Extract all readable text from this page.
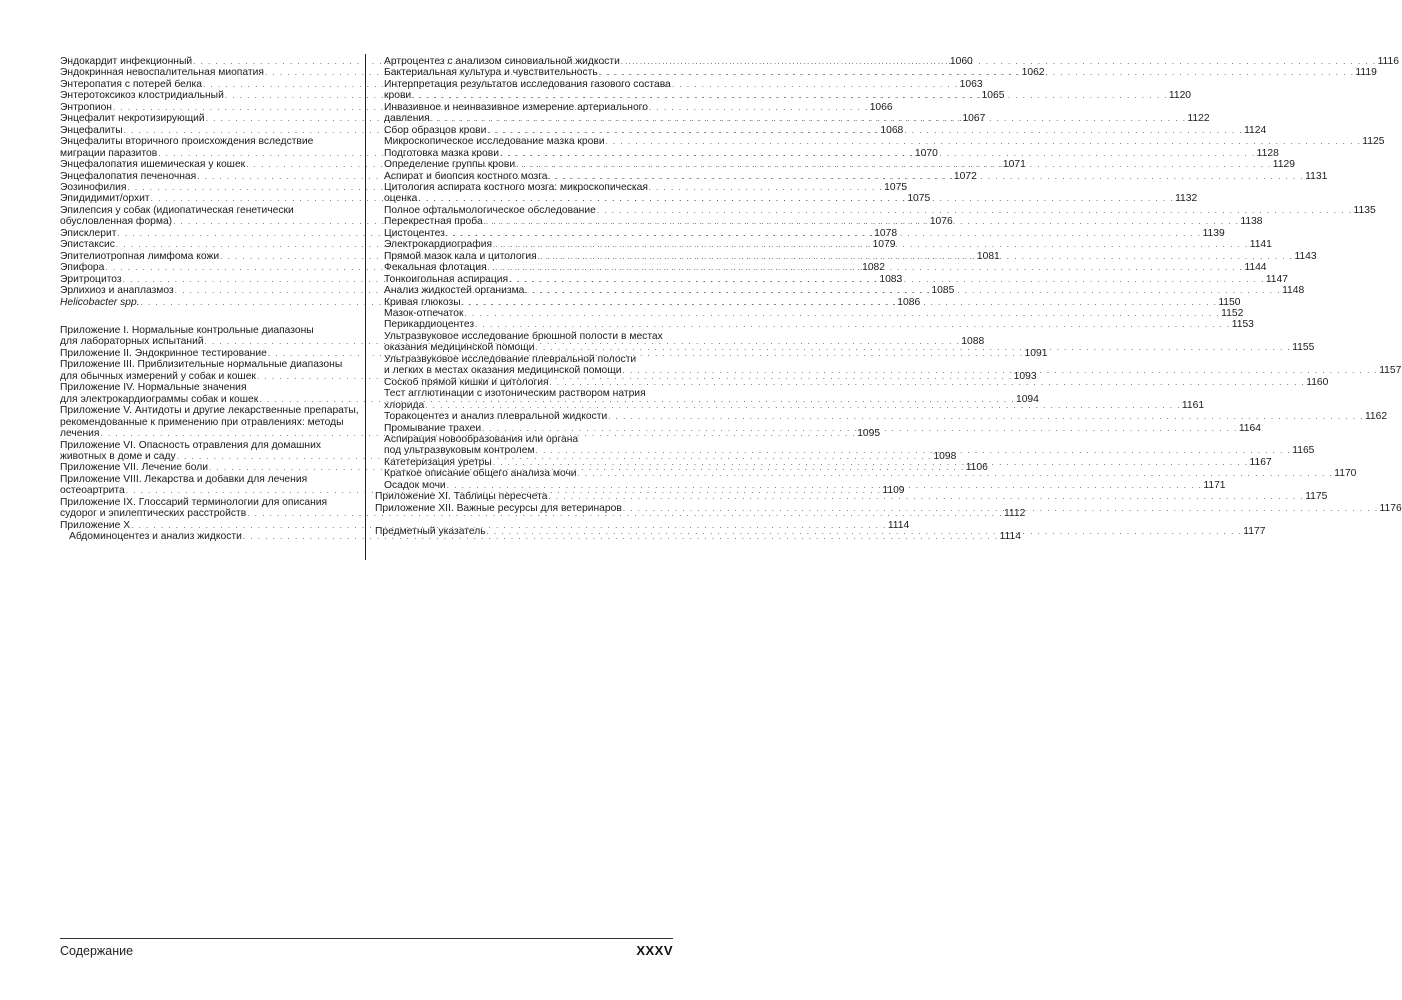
Эндокардит инфекционный . . .	1060
Эндокринная невоспалительная миопатия . . .	1062
Энтеропатия с потерей белка . . .	1063
Энтеротоксикоз клостридиальный . . .	1065
Энтропион . . .	1066
Энцефалит некротизирующий . . .	1067
Энцефалиты . . .	1068
Энцефалиты вторичного происхождения вследствие
миграции паразитов . . .	1070
Энцефалопатия ишемическая у кошек . . .	1071
Энцефалопатия печеночная . . .	1072
Эозинофилия . . .	1075
Эпидидимит/орхит . . .	1075
Эпилепсия у собак (идиопатическая генетически
обусловленная форма) . . .	1076
Эписклерит . . .	1078
Эпистаксис . . .	1079
Эпителиотропная лимфома кожи . . .	1081
Эпифора . . .	1082
Эритроцитоз . . .	1083
Эрлихиоз и анаплазмоз . . .	1085
Helicobacter spp. . . .	1086
Приложение I. Нормальные контрольные диапазоны
для лабораторных испытаний . . .	1088
Приложение II. Эндокринное тестирование . . .	1091
Приложение III. Приблизительные нормальные диапазоны
для обычных измерений у собак и кошек . . .	1093
Приложение IV. Нормальные значения
для электрокардиограммы собак и кошек . . .	1094
Приложение V. Антидоты и другие лекарственные препараты,
рекомендованные к применению при отравлениях: методы
лечения . . .	1095
Приложение VI. Опасность отравления для домашних
животных в доме и саду . . .	1098
Приложение VII. Лечение боли . . .	1106
Приложение VIII. Лекарства и добавки для лечения
остеоартрита . . .	1109
Приложение IX. Глоссарий терминологии для описания
судорог и эпилептических расстройств . . .	1112
Приложение X . . .	1114
Абдоминоцентез и анализ жидкости . . .	1114
Артроцентез с анализом синовиальной жидкости . . .	1116
Бактериальная культура и чувствительность . . .	1119
Интерпретация результатов исследования газового состава
крови . . .	1120
Инвазивное и неинвазивное измерение артериального
давления . . .	1122
Сбор образцов крови . . .	1124
Микроскопическое исследование мазка крови . . .	1125
Подготовка мазка крови . . .	1128
Определение группы крови . . .	1129
Аспират и биопсия костного мозга . . .	1131
Цитология аспирата костного мозга: микроскопическая
оценка . . .	1132
Полное офтальмологическое обследование . . .	1135
Перекрестная проба . . .	1138
Цистоцентез . . .	1139
Электрокардиография . . .	1141
Прямой мазок кала и цитология . . .	1143
Фекальная флотация . . .	1144
Тонкоигольная аспирация . . .	1147
Анализ жидкостей организма . . .	1148
Кривая глюкозы . . .	1150
Мазок-отпечаток . . .	1152
Перикардиоцентез . . .	1153
Ультразвуковое исследование брюшной полости в местах
оказания медицинской помощи . . .	1155
Ультразвуковое исследование плевральной полости
и легких в местах оказания медицинской помощи . . .	1157
Соскоб прямой кишки и цитология . . .	1160
Тест агглютинации с изотоническим раствором натрия
хлорида . . .	1161
Торакоцентез и анализ плевральной жидкости . . .	1162
Промывание трахеи . . .	1164
Аспирация новообразования или органа
под ультразвуковым контролем . . .	1165
Катетеризация уретры . . .	1167
Краткое описание общего анализа мочи . . .	1170
Осадок мочи . . .	1171
Приложение XI. Таблицы пересчета . . .	1175
Приложение XII. Важные ресурсы для ветеринаров . . .	1176
Предметный указатель . . .	1177
Содержание	XXXV
